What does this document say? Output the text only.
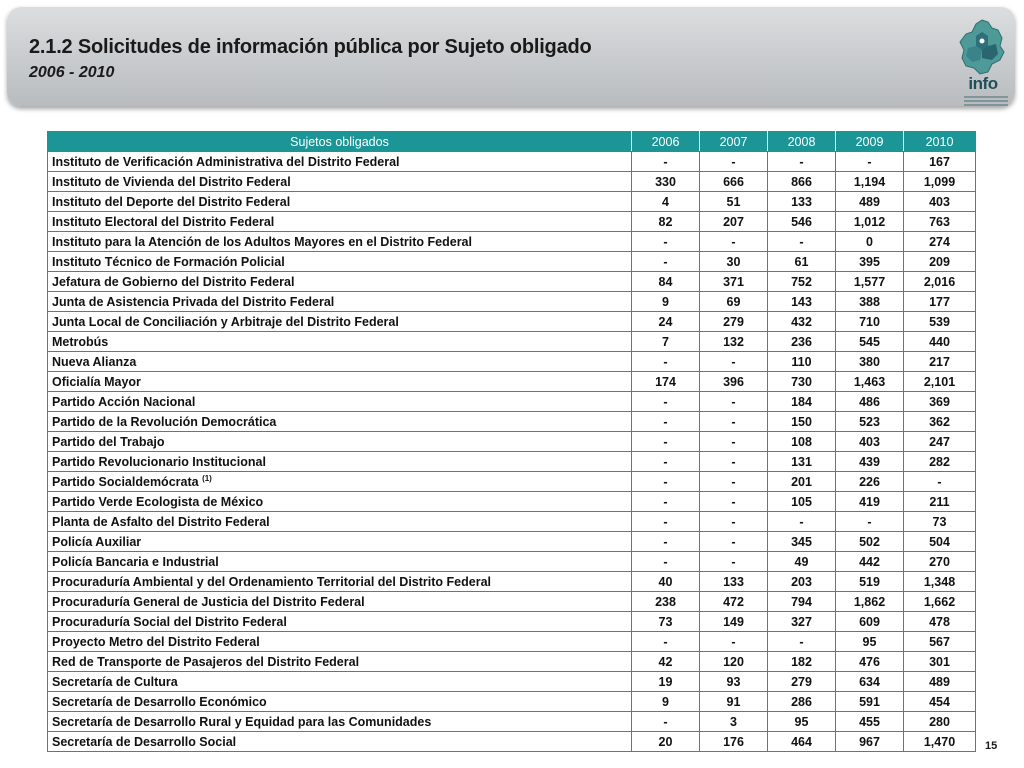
2.1.2 Solicitudes de información pública por Sujeto obligado
2006 - 2010
info
Sujetos obligados	2006	2007	2008	2009	2010
Instituto de Verificación Administrativa del Distrito Federal	-	-	-	-	167
Instituto de Vivienda del Distrito Federal	330	666	866	1,194	1,099
Instituto del Deporte del Distrito Federal	4	51	133	489	403
Instituto Electoral del Distrito Federal	82	207	546	1,012	763
Instituto para la Atención de los Adultos Mayores en el Distrito Federal	-	-	-	0	274
Instituto Técnico de Formación Policial	-	30	61	395	209
Jefatura de Gobierno del Distrito Federal	84	371	752	1,577	2,016
Junta de Asistencia Privada del Distrito Federal	9	69	143	388	177
Junta Local de Conciliación y Arbitraje del Distrito Federal	24	279	432	710	539
Metrobús	7	132	236	545	440
Nueva Alianza	-	-	110	380	217
Oficialía Mayor	174	396	730	1,463	2,101
Partido Acción Nacional	-	-	184	486	369
Partido de la Revolución Democrática	-	-	150	523	362
Partido del Trabajo	-	-	108	403	247
Partido Revolucionario Institucional	-	-	131	439	282
Partido Socialdemócrata $^{(1)}$	-	-	201	226	-
Partido Verde Ecologista de México	-	-	105	419	211
Planta de Asfalto del Distrito Federal	-	-	-	-	73
Policía Auxiliar	-	-	345	502	504
Policía Bancaria e Industrial	-	-	49	442	270
Procuraduría Ambiental y del Ordenamiento Territorial del Distrito Federal	40	133	203	519	1,348
Procuraduría General de Justicia del Distrito Federal	238	472	794	1,862	1,662
Procuraduría Social del Distrito Federal	73	149	327	609	478
Proyecto Metro del Distrito Federal	-	-	-	95	567
Red de Transporte de Pasajeros del Distrito Federal	42	120	182	476	301
Secretaría de Cultura	19	93	279	634	489
Secretaría de Desarrollo Económico	9	91	286	591	454
Secretaría de Desarrollo Rural y Equidad para las Comunidades	-	3	95	455	280
Secretaría de Desarrollo Social	20	176	464	967	1,470	15
